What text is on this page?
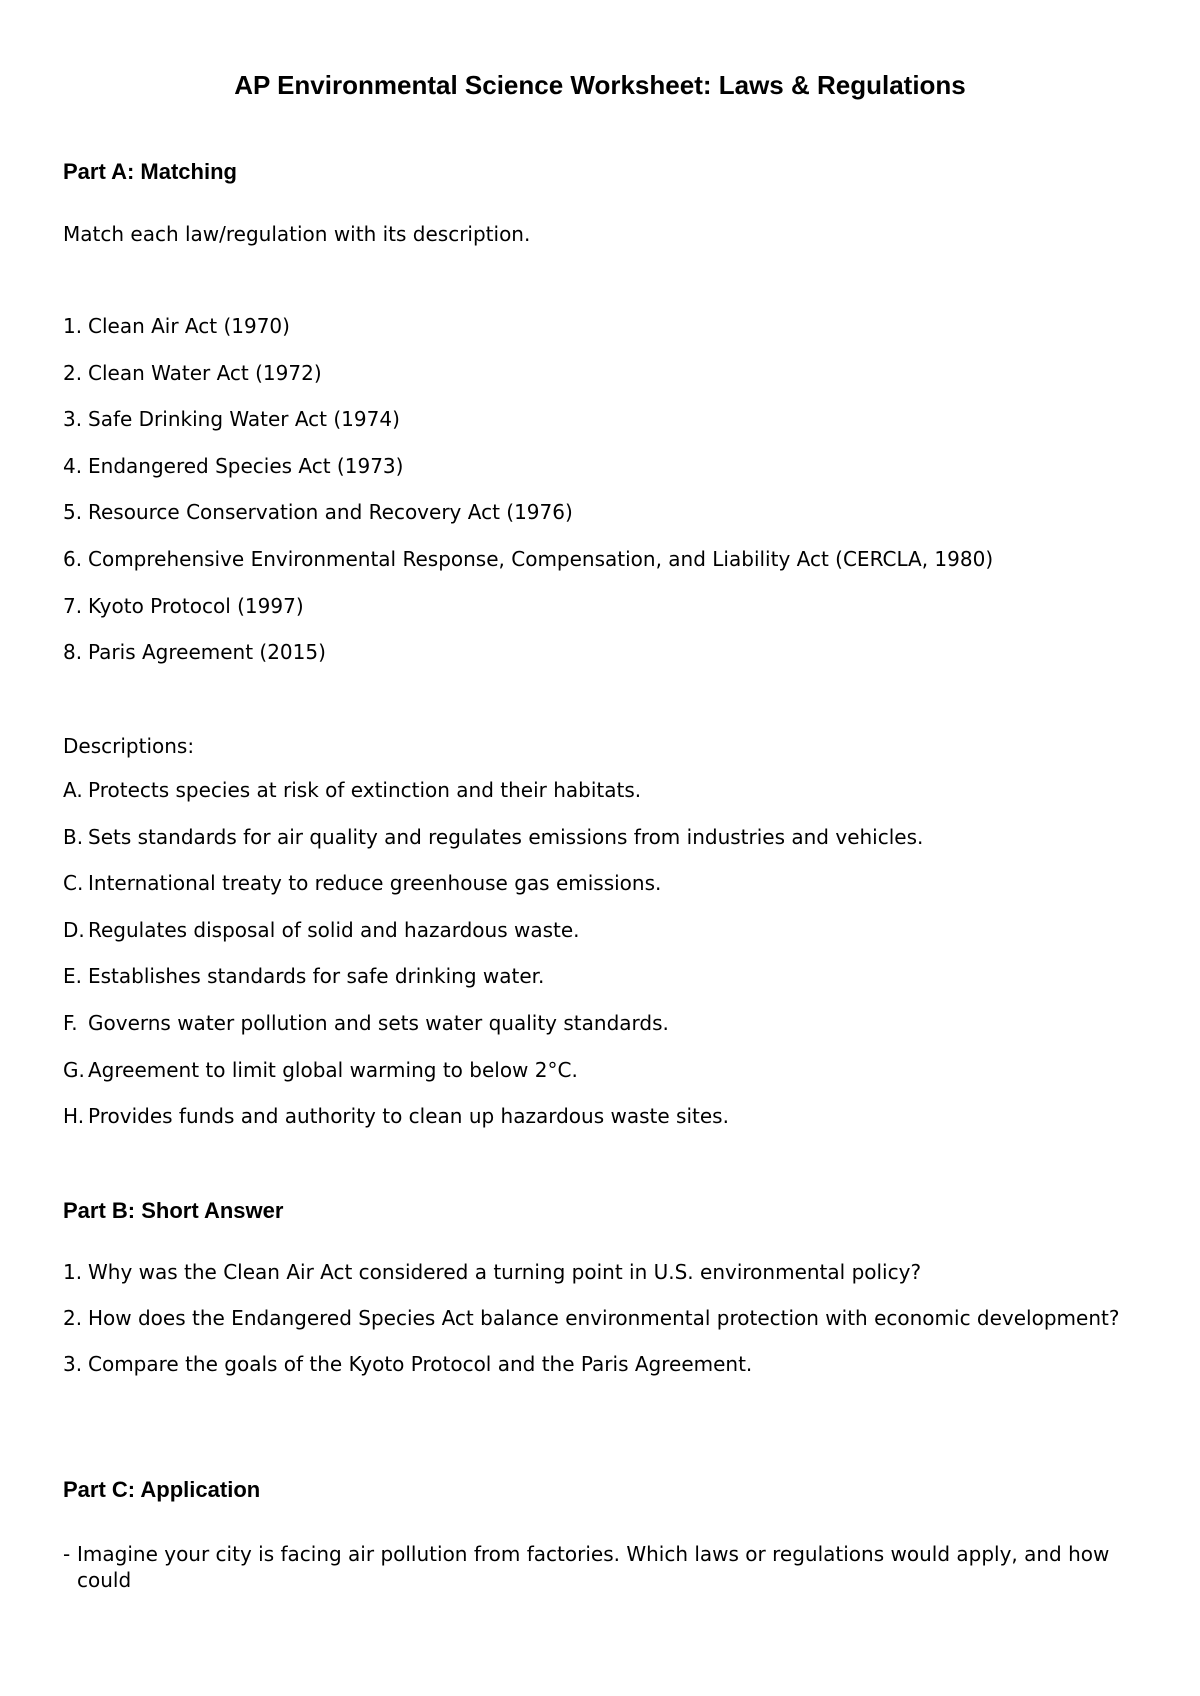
AP Environmental Science Worksheet: Laws & Regulations
Part A: Matching

Match each law/regulation with its description.

1. Clean Air Act (1970)
2. Clean Water Act (1972)
3. Safe Drinking Water Act (1974)
4. Endangered Species Act (1973)
5. Resource Conservation and Recovery Act (1976)
6. Comprehensive Environmental Response, Compensation, and Liability Act (CERCLA, 1980)
7. Kyoto Protocol (1997)
8. Paris Agreement (2015)

Descriptions:

A. Protects species at risk of extinction and their habitats.
B. Sets standards for air quality and regulates emissions from industries and vehicles.
C. International treaty to reduce greenhouse gas emissions.
D. Regulates disposal of solid and hazardous waste.
E. Establishes standards for safe drinking water.
F. Governs water pollution and sets water quality standards.
G. Agreement to limit global warming to below 2°C.
H. Provides funds and authority to clean up hazardous waste sites.
Part B: Short Answer
1. Why was the Clean Air Act considered a turning point in U.S. environmental policy?
2. How does the Endangered Species Act balance environmental protection with economic development?
3. Compare the goals of the Kyoto Protocol and the Paris Agreement.
Part C: Application
- Imagine your city is facing air pollution from factories. Which laws or regulations would apply, and how could
